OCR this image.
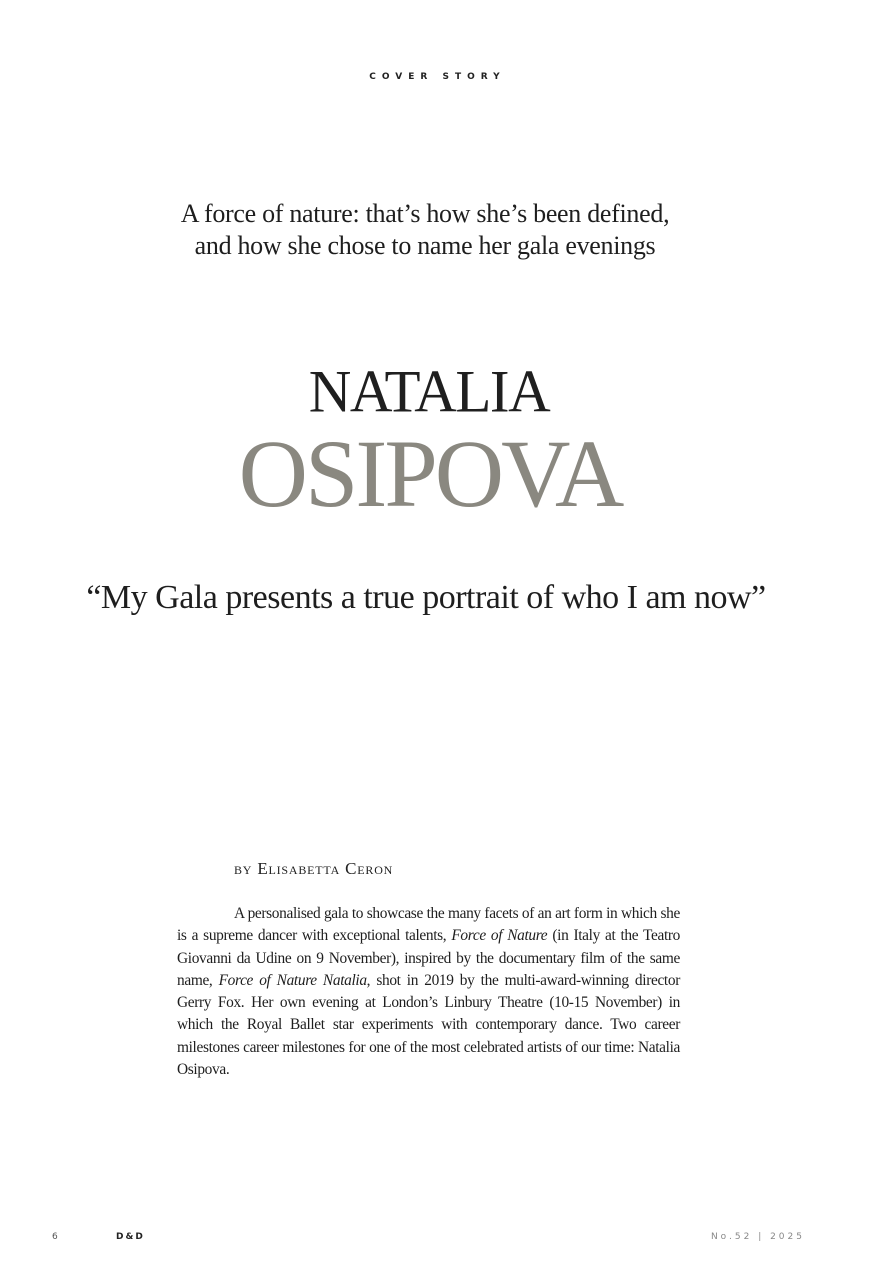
COVER STORY
A force of nature: that’s how she’s been defined,
and how she chose to name her gala evenings
NATALIA
OSIPOVA
“My Gala presents a true portrait of who I am now”
by Elisabetta Ceron

A personalised gala to showcase the many facets of an art form in which she is a supreme dancer with exceptional talents, Force of Nature (in Italy at the Teatro Giovanni da Udine on 9 November), inspired by the documentary film of the same name, Force of Nature Natalia, shot in 2019 by the multi-award-winning director Gerry Fox. Her own evening at London’s Linbury Theatre (10-15 November) in which the Royal Ballet star experiments with contemporary dance. Two career milestones career milestones for one of the most celebrated artists of our time: Natalia Osipova.

6	D&D	No.52 | 2025
